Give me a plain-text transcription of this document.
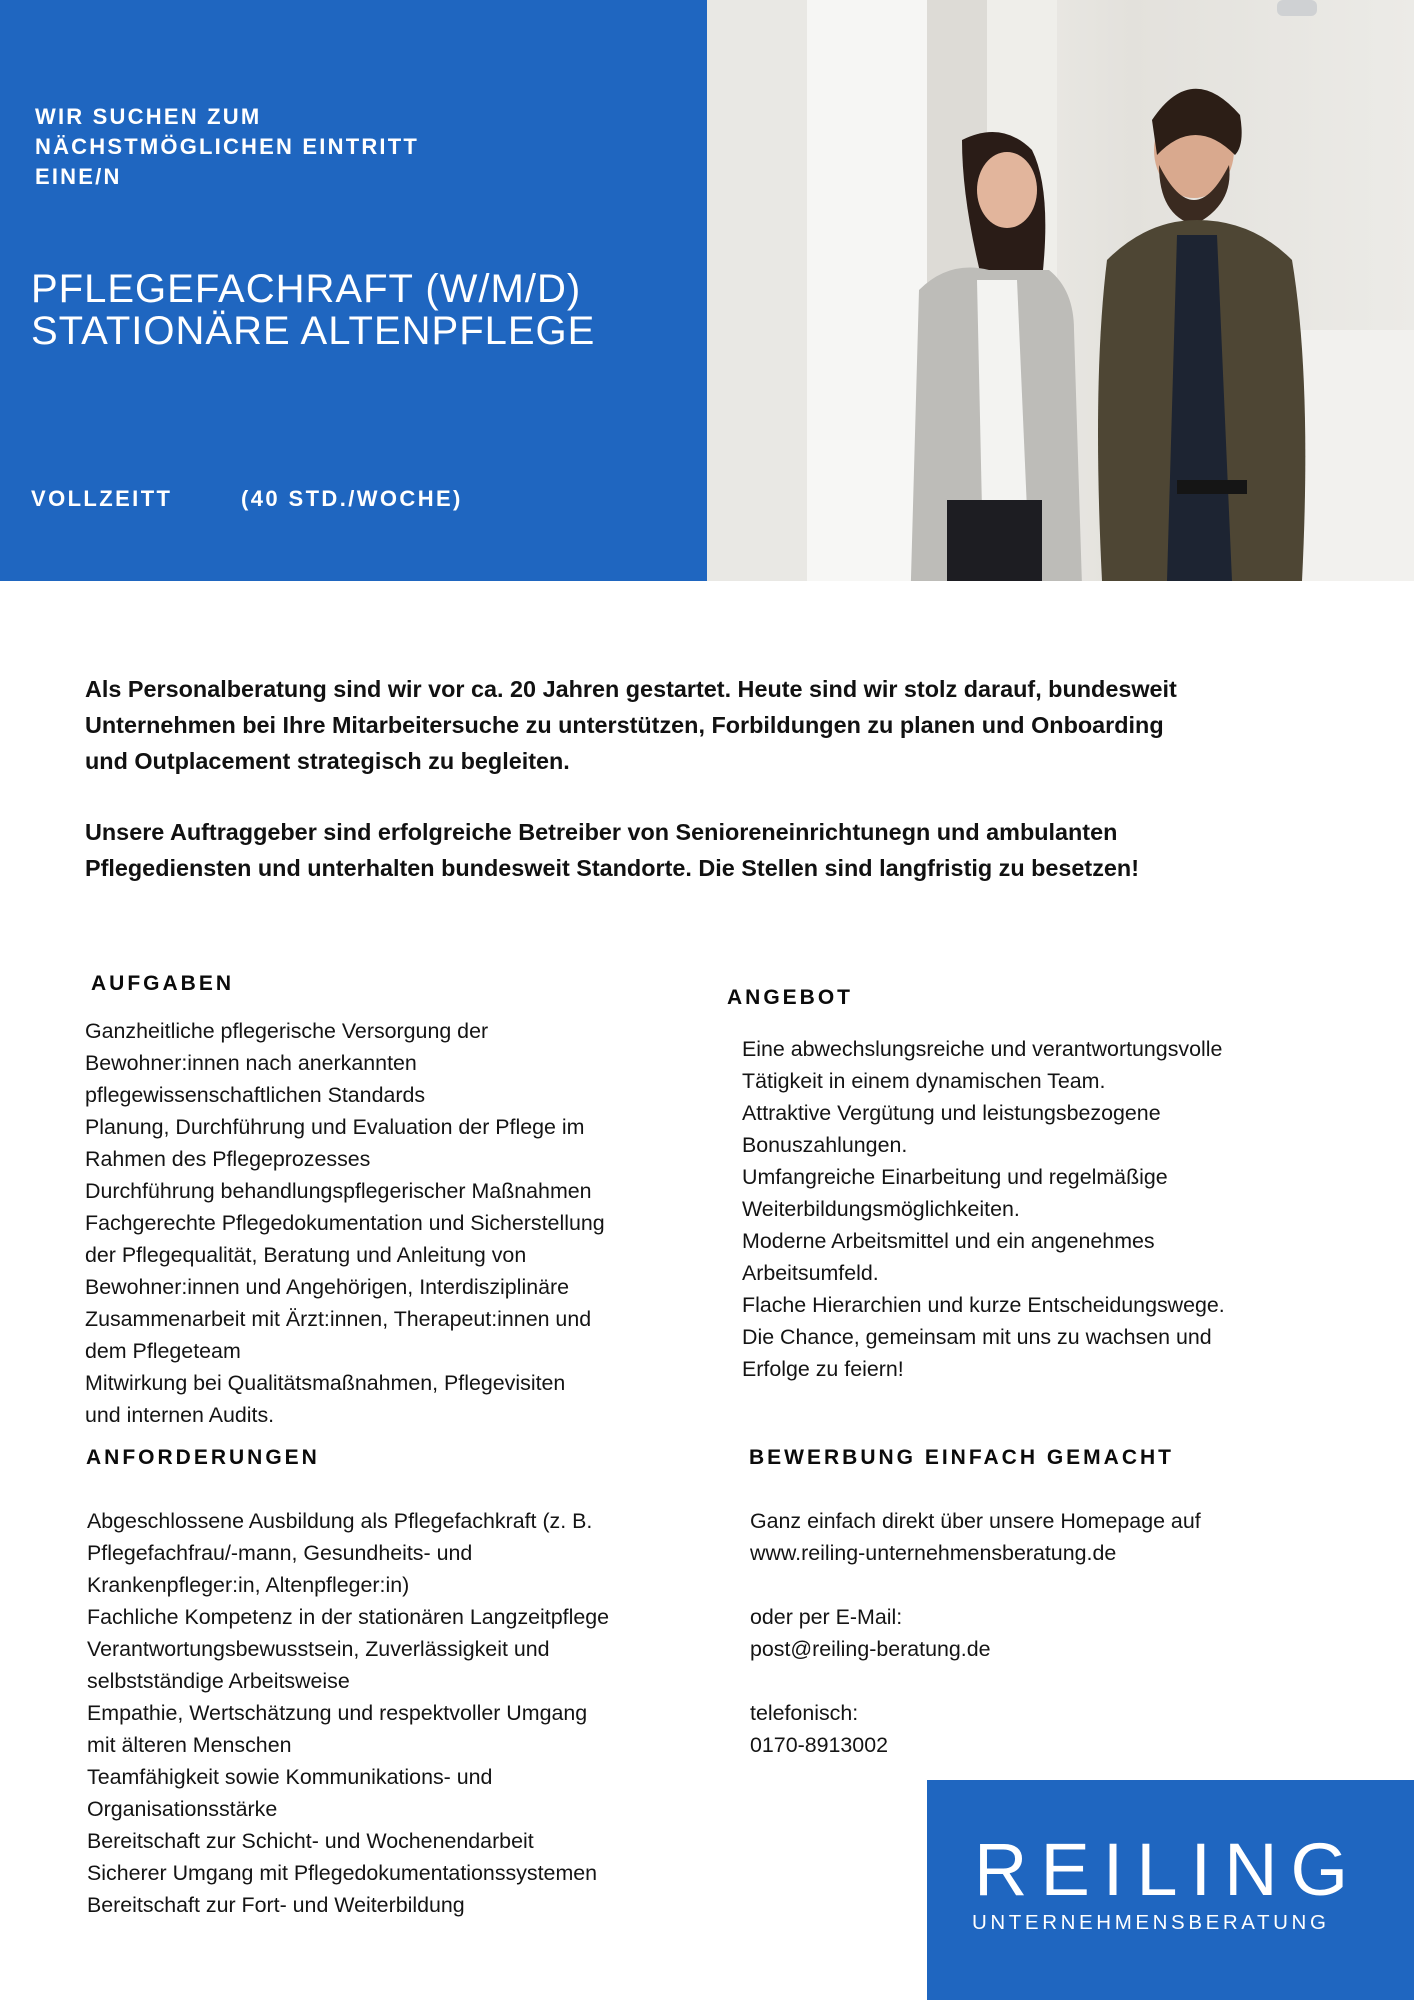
WIR SUCHEN ZUM
NÄCHSTMÖGLICHEN EINTRITT
EINE/N
PFLEGEFACHRAFT (W/M/D)
STATIONÄRE ALTENPFLEGE
VOLLZEITT	(40 STD./WOCHE)
Als Personalberatung sind wir vor ca. 20 Jahren gestartet. Heute sind wir stolz darauf, bundesweit
Unternehmen bei Ihre Mitarbeitersuche zu unterstützen, Forbildungen zu planen und Onboarding
und Outplacement strategisch zu begleiten.
Unsere Auftraggeber sind erfolgreiche Betreiber von Senioreneinrichtunegn und ambulanten
Pflegediensten und unterhalten bundesweit Standorte. Die Stellen sind langfristig zu besetzen!
AUFGABEN
Ganzheitliche pflegerische Versorgung der
Bewohner:innen nach anerkannten
pflegewissenschaftlichen Standards
Planung, Durchführung und Evaluation der Pflege im
Rahmen des Pflegeprozesses
Durchführung behandlungspflegerischer Maßnahmen
Fachgerechte Pflegedokumentation und Sicherstellung
der Pflegequalität, Beratung und Anleitung von
Bewohner:innen und Angehörigen, Interdisziplinäre
Zusammenarbeit mit Ärzt:innen, Therapeut:innen und
dem Pflegeteam
Mitwirkung bei Qualitätsmaßnahmen, Pflegevisiten
und internen Audits.
ANGEBOT
Eine abwechslungsreiche und verantwortungsvolle
Tätigkeit in einem dynamischen Team.
Attraktive Vergütung und leistungsbezogene
Bonuszahlungen.
Umfangreiche Einarbeitung und regelmäßige
Weiterbildungsmöglichkeiten.
Moderne Arbeitsmittel und ein angenehmes
Arbeitsumfeld.
Flache Hierarchien und kurze Entscheidungswege.
Die Chance, gemeinsam mit uns zu wachsen und
Erfolge zu feiern!
ANFORDERUNGEN
Abgeschlossene Ausbildung als Pflegefachkraft (z. B.
Pflegefachfrau/-mann, Gesundheits- und
Krankenpfleger:in, Altenpfleger:in)
Fachliche Kompetenz in der stationären Langzeitpflege
Verantwortungsbewusstsein, Zuverlässigkeit und
selbstständige Arbeitsweise
Empathie, Wertschätzung und respektvoller Umgang
mit älteren Menschen
Teamfähigkeit sowie Kommunikations- und
Organisationsstärke
Bereitschaft zur Schicht- und Wochenendarbeit
Sicherer Umgang mit Pflegedokumentationssystemen
Bereitschaft zur Fort- und Weiterbildung
BEWERBUNG EINFACH GEMACHT
Ganz einfach direkt über unsere Homepage auf
www.reiling-unternehmensberatung.de
oder per E-Mail:
post@reiling-beratung.de
telefonisch:
0170-8913002
REILING
UNTERNEHMENSBERATUNG
